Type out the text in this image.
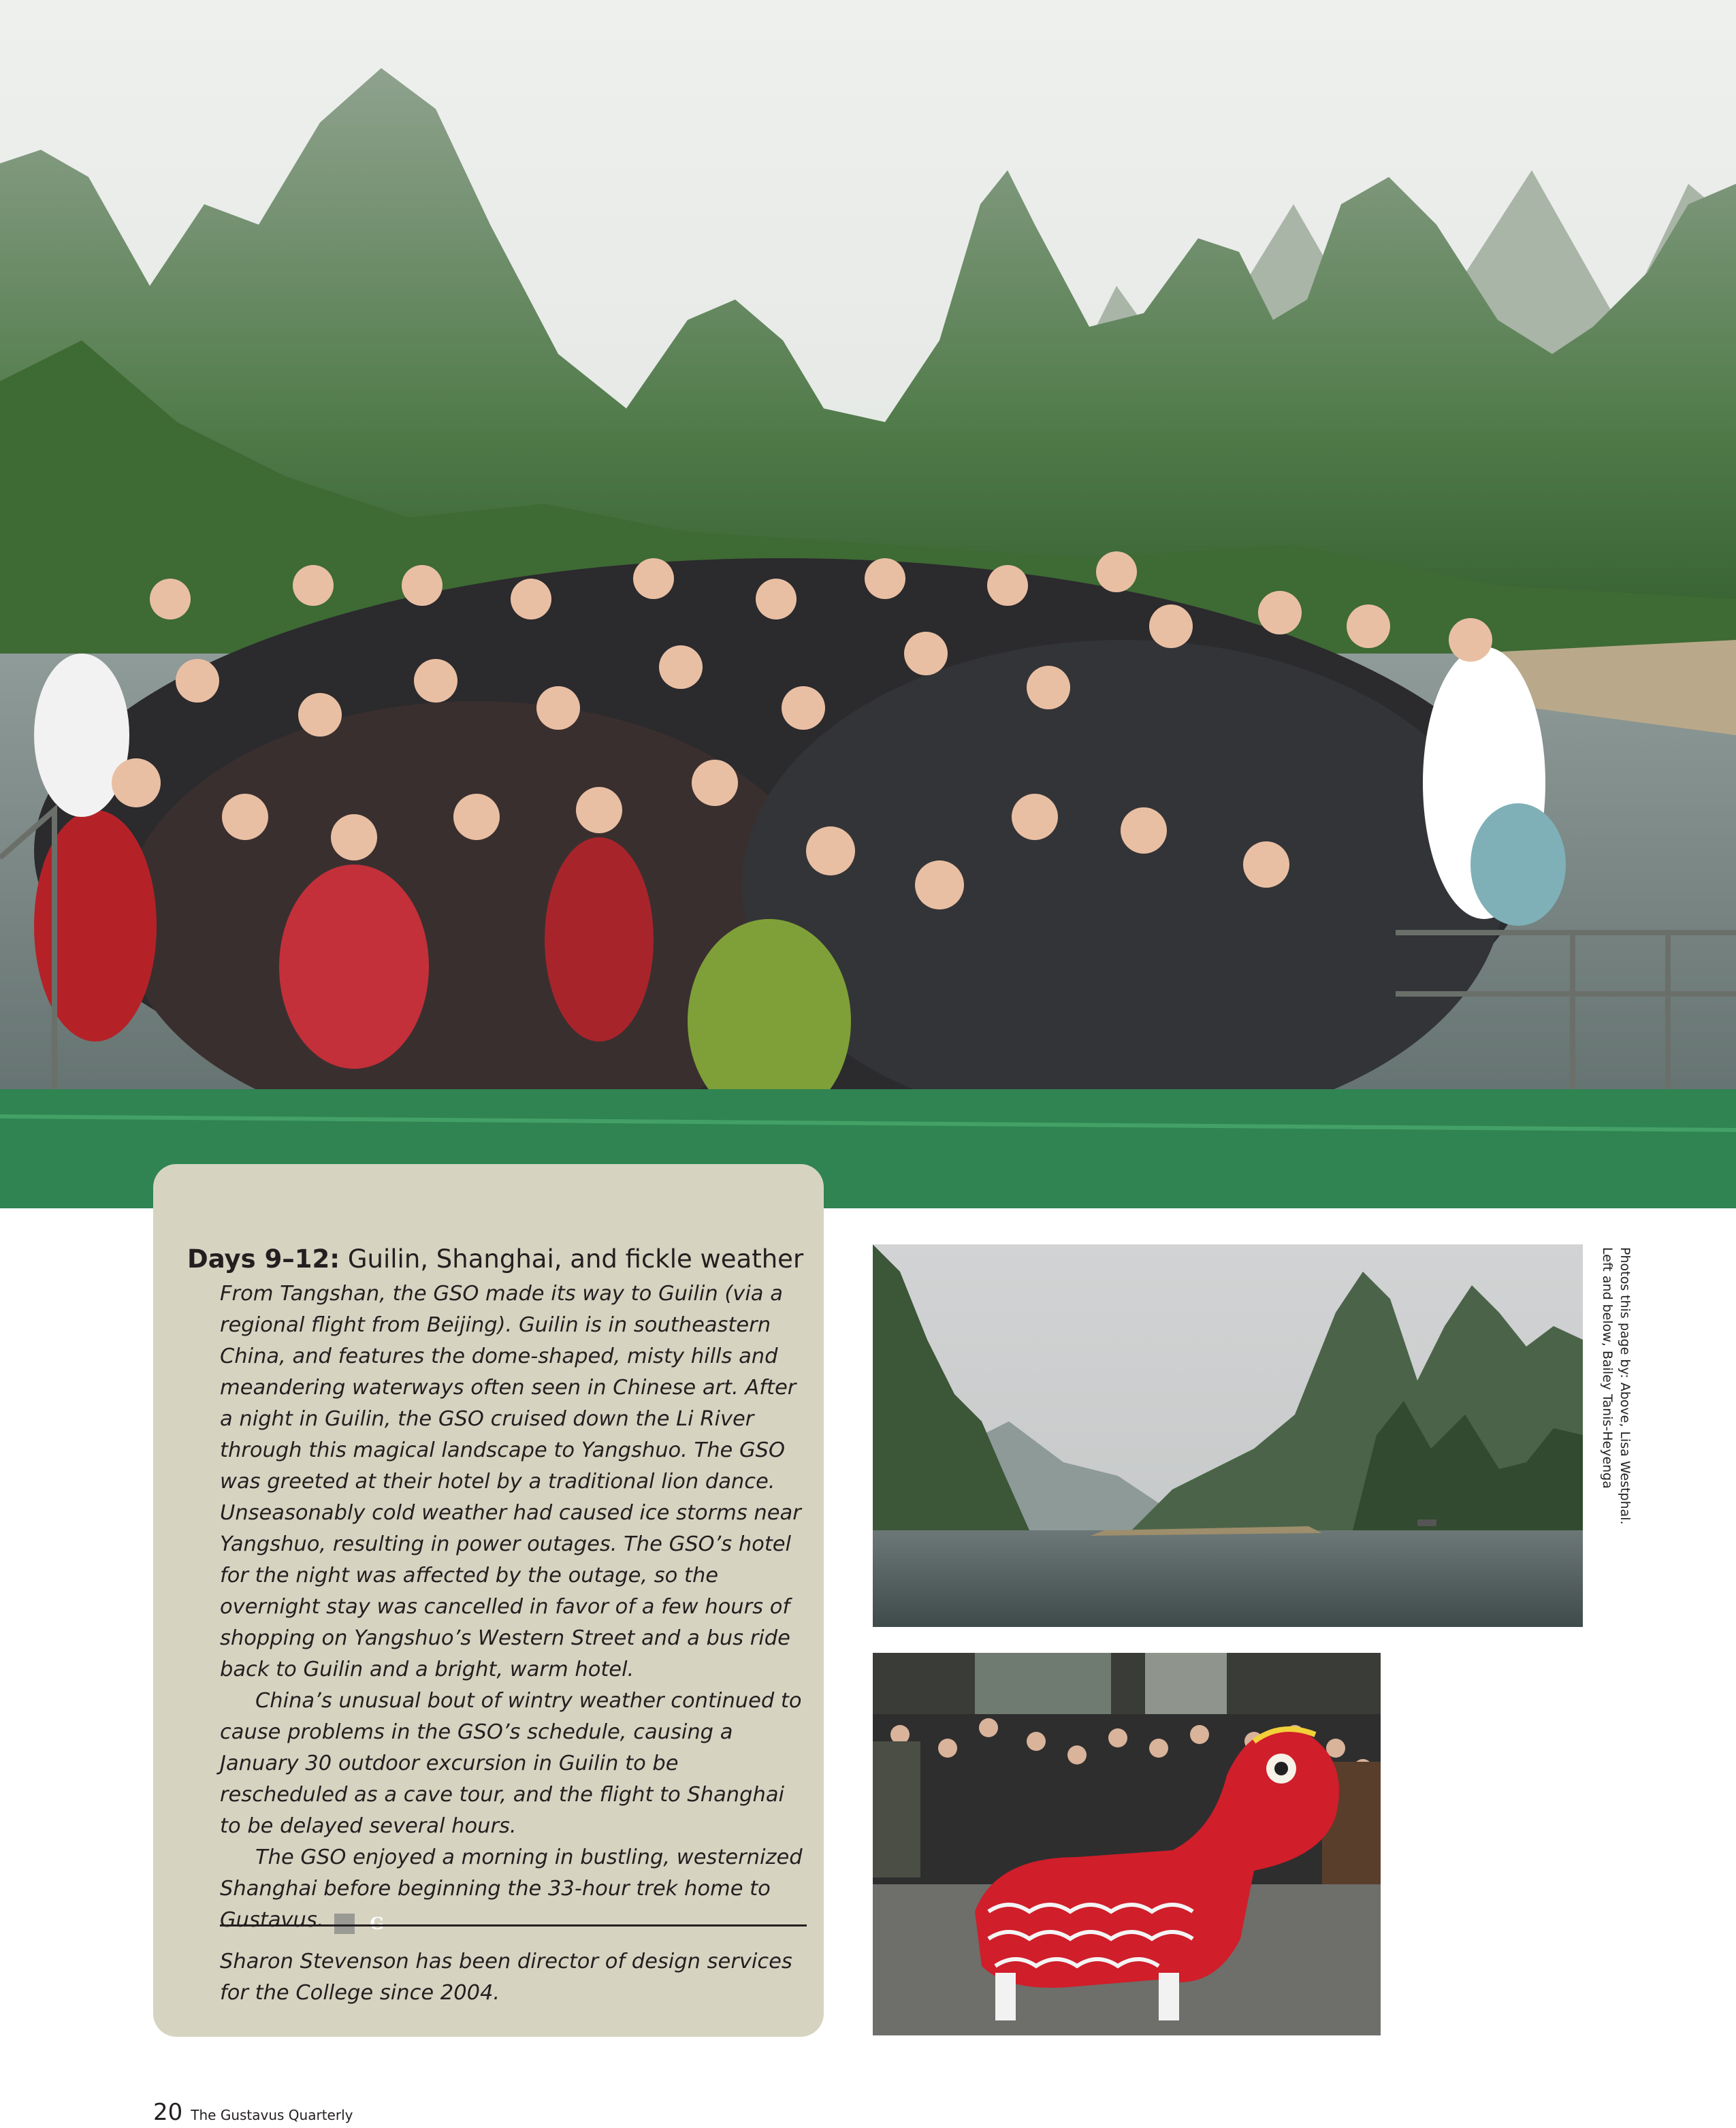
Days 9–12: Guilin, Shanghai, and fickle weather

From Tangshan, the GSO made its way to Guilin (via a regional flight from Beijing). Guilin is in southeastern China, and features the dome-shaped, misty hills and meandering waterways often seen in Chinese art. After a night in Guilin, the GSO cruised down the Li River through this magical landscape to Yangshuo. The GSO was greeted at their hotel by a traditional lion dance. Unseasonably cold weather had caused ice storms near Yangshuo, resulting in power outages. The GSO’s hotel for the night was affected by the outage, so the overnight stay was cancelled in favor of a few hours of shopping on Yangshuo’s Western Street and a bus ride back to Guilin and a bright, warm hotel.

China’s unusual bout of wintry weather continued to cause problems in the GSO’s schedule, causing a January 30 outdoor excursion in Guilin to be rescheduled as a cave tour, and the flight to Shanghai to be delayed several hours.

The GSO enjoyed a morning in bustling, westernized Shanghai before beginning the 33-hour trek home to Gustavus.	G

Sharon Stevenson has been director of design services for the College since 2004.

Photos this page by: Above, Lisa Westphal.
Left and below, Bailey Tanis-Heyenga
20 The Gustavus Quarterly
